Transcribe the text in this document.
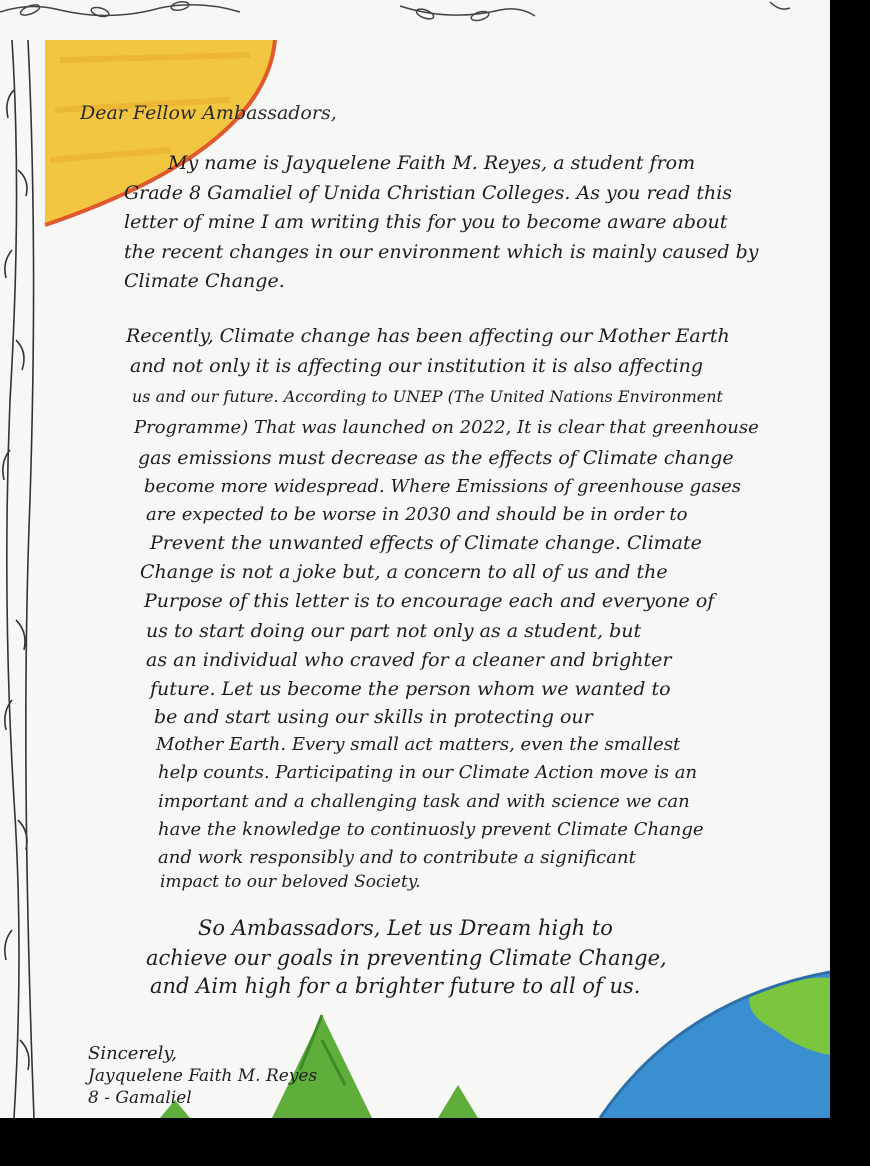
Dear Fellow Ambassadors,
My name is Jayquelene Faith M. Reyes, a student from
Grade 8 Gamaliel of Unida Christian Colleges. As you read this
letter of mine I am writing this for you to become aware about
the recent changes in our environment which is mainly caused by
Climate Change.
Recently, Climate change has been affecting our Mother Earth
and not only it is affecting our institution it is also affecting
us and our future. According to UNEP (The United Nations Environment
Programme) That was launched on 2022, It is clear that greenhouse
gas emissions must decrease as the effects of Climate change
become more widespread. Where Emissions of greenhouse gases
are expected to be worse in 2030 and should be in order to
Prevent the unwanted effects of Climate change. Climate
Change is not a joke but, a concern to all of us and the
Purpose of this letter is to encourage each and everyone of
us to start doing our part not only as a student, but
as an individual who craved for a cleaner and brighter
future. Let us become the person whom we wanted to
be and start using our skills in protecting our
Mother Earth. Every small act matters, even the smallest
help counts. Participating in our Climate Action move is an
important and a challenging task and with science we can
have the knowledge to continuosly prevent Climate Change
and work responsibly and to contribute a significant
impact to our beloved Society.
So Ambassadors, Let us Dream high to
achieve our goals in preventing Climate Change,
and Aim high for a brighter future to all of us.
Sincerely,
Jayquelene Faith M. Reyes
8 - Gamaliel
